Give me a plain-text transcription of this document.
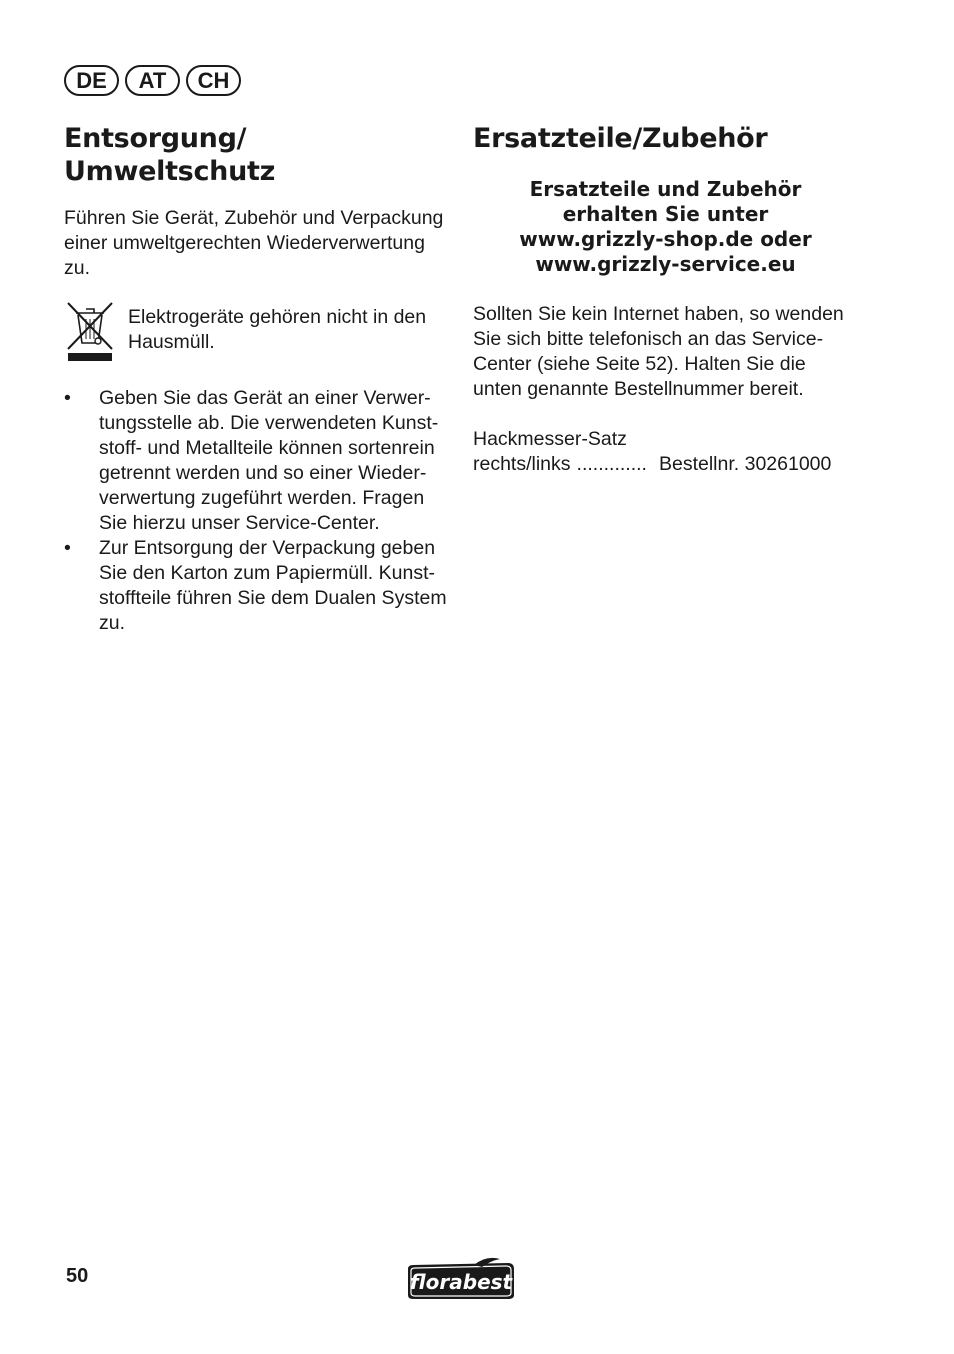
DE	AT	CH
Entsorgung/
Umweltschutz

Führen Sie Gerät, Zubehör und Verpackung einer umweltgerechten Wiederverwertung zu.

Elektrogeräte gehören nicht in den
Hausmüll.

• Geben Sie das Gerät an einer Verwer-
tungsstelle ab. Die verwendeten Kunst-
stoff- und Metallteile können sortenrein
getrennt werden und so einer Wieder-
verwertung zugeführt werden. Fragen
Sie hierzu unser Service-Center.
• Zur Entsorgung der Verpackung geben
Sie den Karton zum Papiermüll. Kunst-
stoffteile führen Sie dem Dualen System
zu.
Ersatzteile/Zubehör
Ersatzteile und Zubehör
erhalten Sie unter
www.grizzly-shop.de oder
www.grizzly-service.eu

Sollten Sie kein Internet haben, so wenden
Sie sich bitte telefonisch an das Service-
Center (siehe Seite 52). Halten Sie die
unten genannte Bestellnummer bereit.

Hackmesser-Satz

rechts/links ............. Bestellnr. 30261000

50	florabest
